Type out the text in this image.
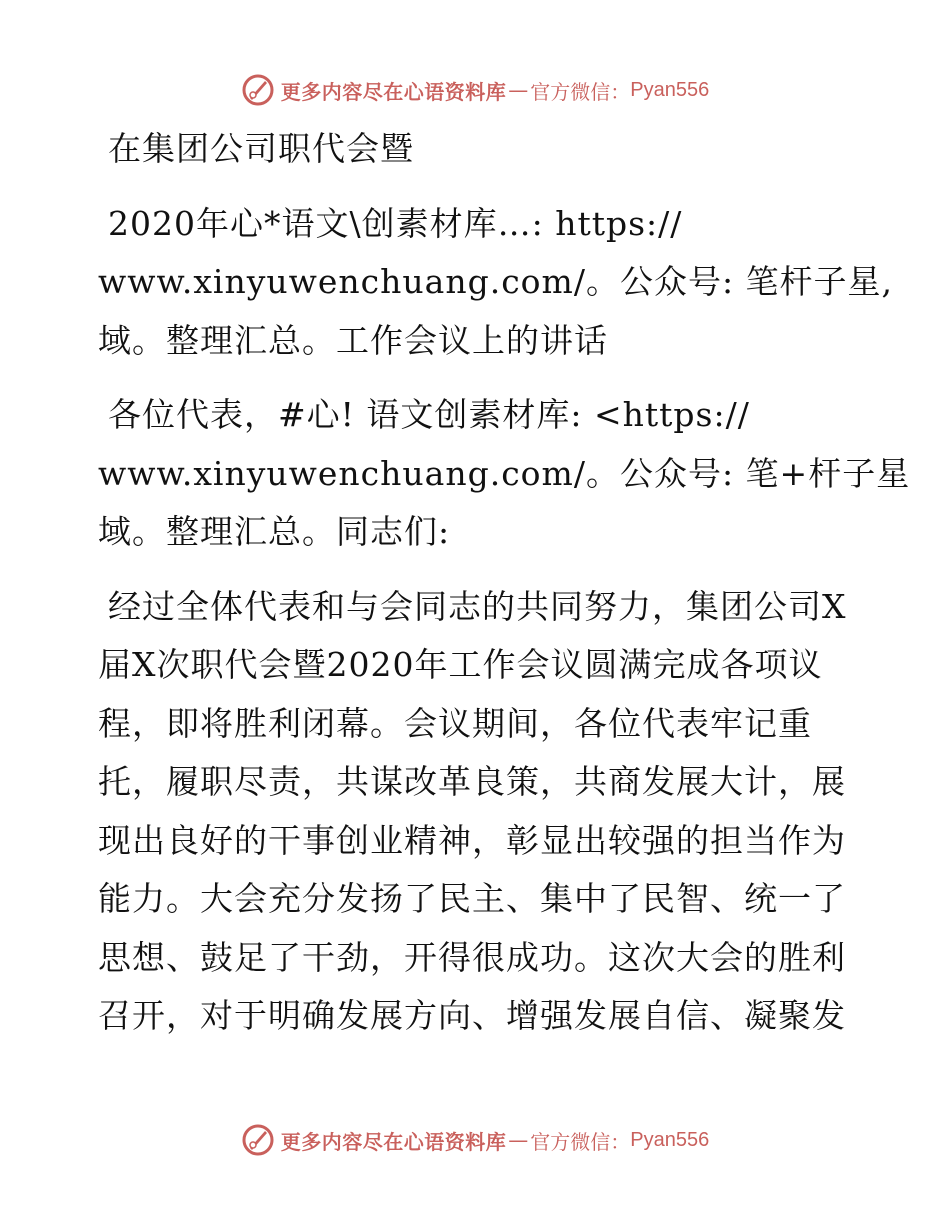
更多内容尽在心语资料库 — 官方微信： Pyan556

在集团公司职代会暨

2020年心*语文\创素材库…: https://
www.xinyuwenchuang.com/。公众号: 笔杆子星,
域。整理汇总。工作会议上的讲话

各位代表，#心! 语文创素材库: <https://
www.xinyuwenchuang.com/。公众号: 笔+杆子星
域。整理汇总。同志们:

经过全体代表和与会同志的共同努力，集团公司X
届X次职代会暨2020年工作会议圆满完成各项议
程，即将胜利闭幕。会议期间，各位代表牢记重
托，履职尽责，共谋改革良策，共商发展大计，展
现出良好的干事创业精神，彰显出较强的担当作为
能力。大会充分发扬了民主、集中了民智、统一了
思想、鼓足了干劲，开得很成功。这次大会的胜利
召开，对于明确发展方向、增强发展自信、凝聚发

更多内容尽在心语资料库 — 官方微信： Pyan556
